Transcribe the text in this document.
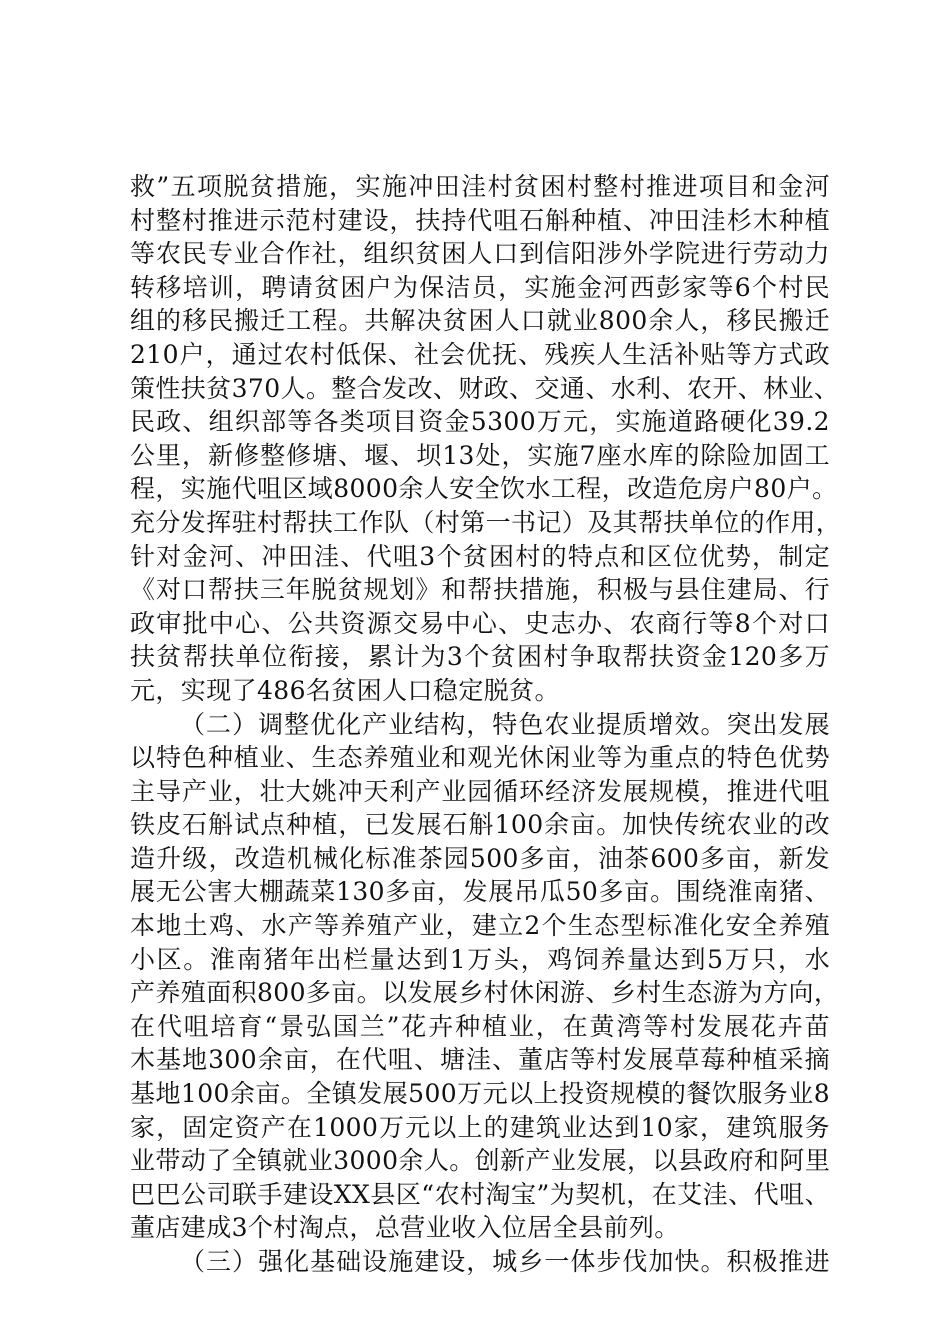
救”五项脱贫措施，实施冲田洼村贫困村整村推进项目和金河
村整村推进示范村建设，扶持代咀石斛种植、冲田洼杉木种植
等农民专业合作社，组织贫困人口到信阳涉外学院进行劳动力
转移培训，聘请贫困户为保洁员，实施金河西彭家等6个村民
组的移民搬迁工程。共解决贫困人口就业800余人，移民搬迁
210户，通过农村低保、社会优抚、残疾人生活补贴等方式政
策性扶贫370人。整合发改、财政、交通、水利、农开、林业、
民政、组织部等各类项目资金5300万元，实施道路硬化39.2
公里，新修整修塘、堰、坝13处，实施7座水库的除险加固工
程，实施代咀区域8000余人安全饮水工程，改造危房户80户。
充分发挥驻村帮扶工作队（村第一书记）及其帮扶单位的作用，
针对金河、冲田洼、代咀3个贫困村的特点和区位优势，制定
《对口帮扶三年脱贫规划》和帮扶措施，积极与县住建局、行
政审批中心、公共资源交易中心、史志办、农商行等8个对口
扶贫帮扶单位衔接，累计为3个贫困村争取帮扶资金120多万
元，实现了486名贫困人口稳定脱贫。
（二）调整优化产业结构，特色农业提质增效。突出发展
以特色种植业、生态养殖业和观光休闲业等为重点的特色优势
主导产业，壮大姚冲天利产业园循环经济发展规模，推进代咀
铁皮石斛试点种植，已发展石斛100余亩。加快传统农业的改
造升级，改造机械化标准茶园500多亩，油茶600多亩，新发
展无公害大棚蔬菜130多亩，发展吊瓜50多亩。围绕淮南猪、
本地土鸡、水产等养殖产业，建立2个生态型标准化安全养殖
小区。淮南猪年出栏量达到1万头，鸡饲养量达到5万只，水
产养殖面积800多亩。以发展乡村休闲游、乡村生态游为方向，
在代咀培育“景弘国兰”花卉种植业，在黄湾等村发展花卉苗
木基地300余亩，在代咀、塘洼、董店等村发展草莓种植采摘
基地100余亩。全镇发展500万元以上投资规模的餐饮服务业8
家，固定资产在1000万元以上的建筑业达到10家，建筑服务
业带动了全镇就业3000余人。创新产业发展，以县政府和阿里
巴巴公司联手建设XX县区“农村淘宝”为契机，在艾洼、代咀、
董店建成3个村淘点，总营业收入位居全县前列。
（三）强化基础设施建设，城乡一体步伐加快。积极推进
